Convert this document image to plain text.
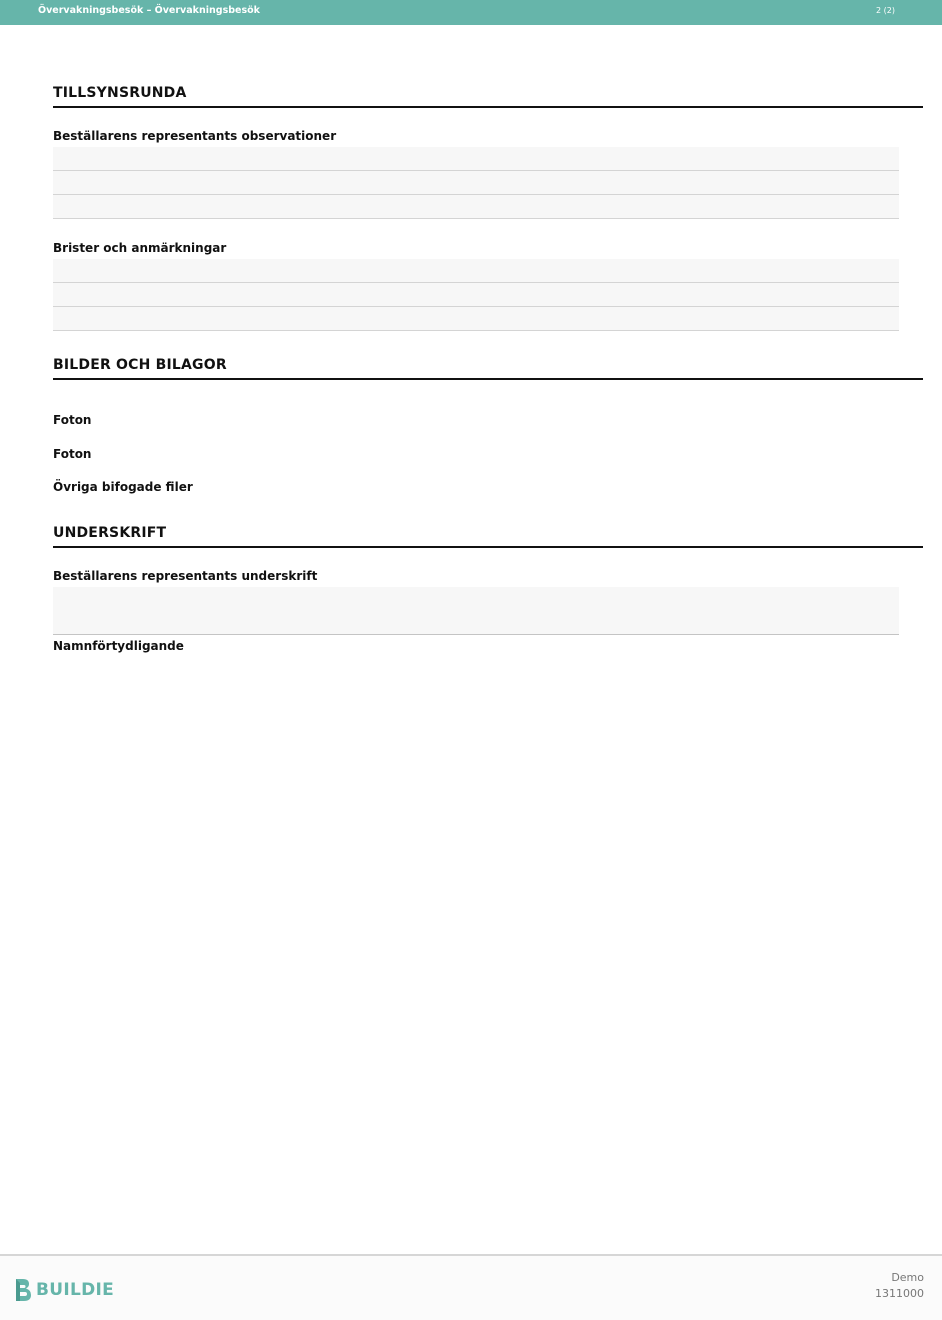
Övervakningsbesök – Övervakningsbesök	2 (2)
TILLSYNSRUNDA
Beställarens representants observationer
Brister och anmärkningar
BILDER OCH BILAGOR
Foton
Foton
Övriga bifogade filer
UNDERSKRIFT
Beställarens representants underskrift
Namnförtydligande
BUILDIE
Demo
1311000
